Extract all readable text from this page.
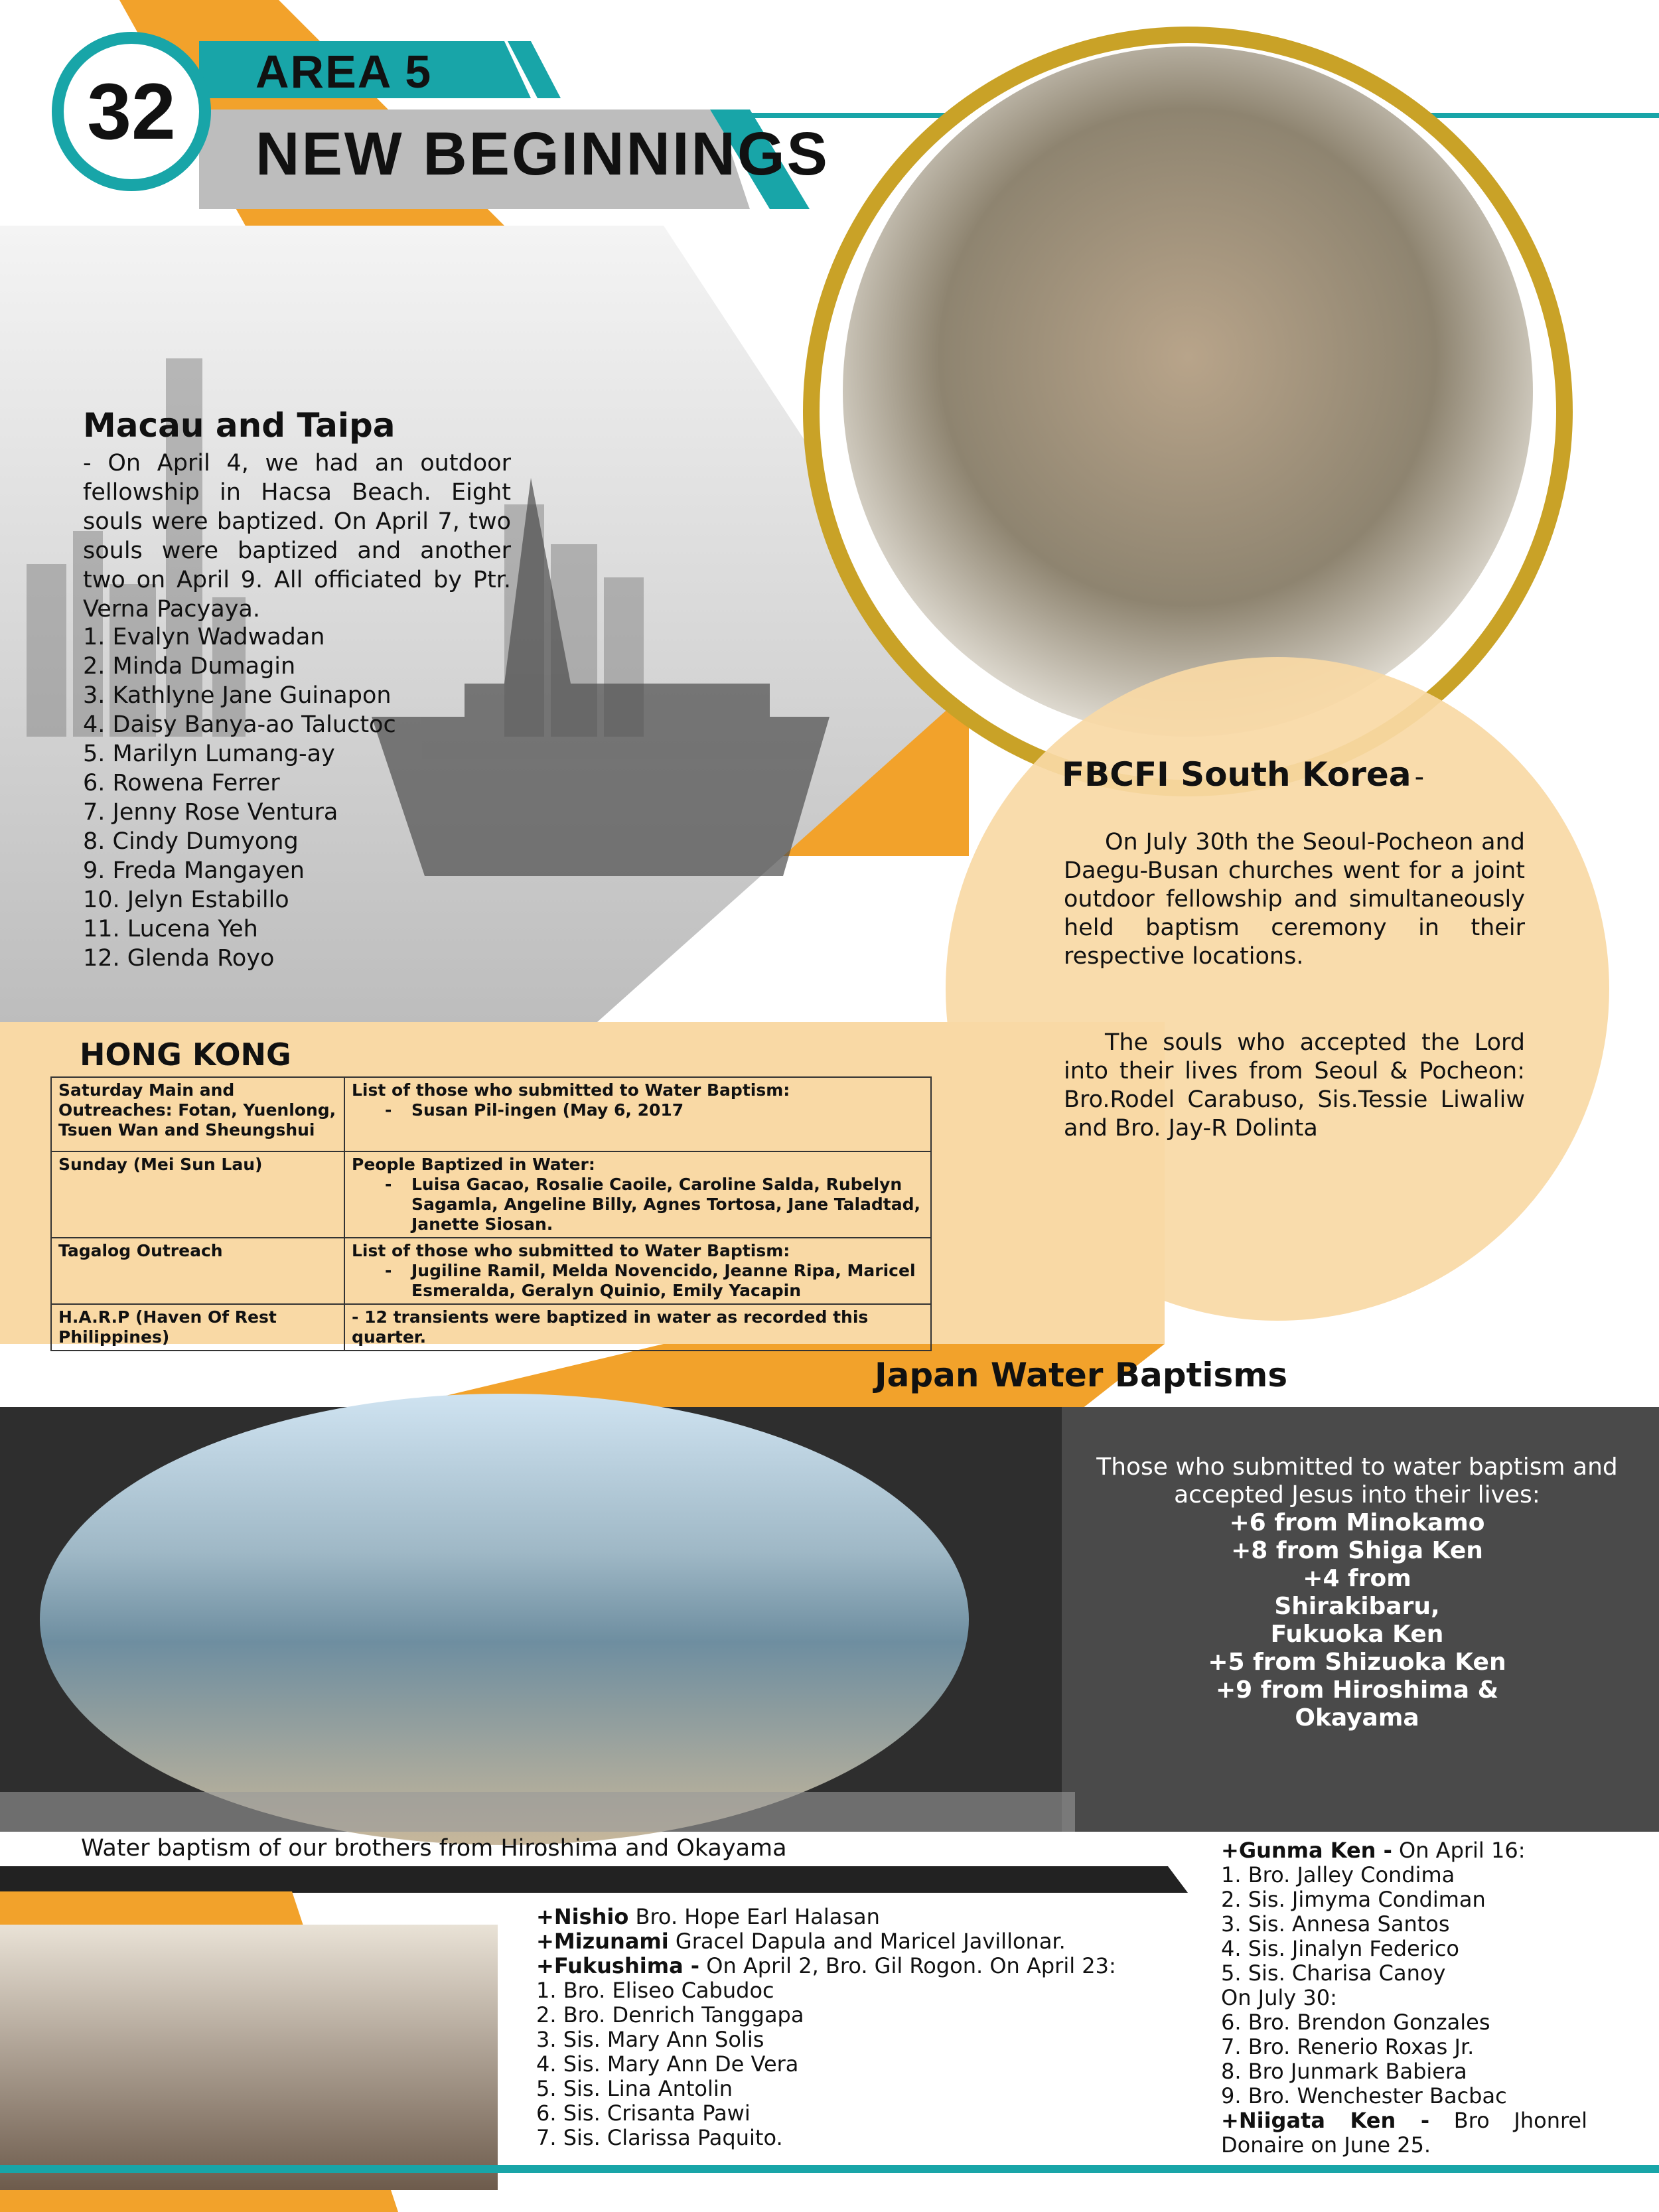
32	AREA 5
NEW BEGINNINGS
Macau and Taipa
- On April 4, we had an outdoor fellowship in Hacsa Beach. Eight souls were baptized. On April 7, two souls were baptized and another two on April 9. All officiated by Ptr. Verna Pacyaya.
1. Evalyn Wadwadan
2. Minda Dumagin
3. Kathlyne Jane Guinapon
4. Daisy Banya-ao Taluctoc
5. Marilyn Lumang-ay
6. Rowena Ferrer
7. Jenny Rose Ventura
8. Cindy Dumyong
9. Freda Mangayen
10. Jelyn Estabillo
11. Lucena Yeh
12. Glenda Royo
FBCFI South Korea -
On July 30th the Seoul-Pocheon and Daegu-Busan churches went for a joint outdoor fellowship and simultaneously held baptism ceremony in their respective locations.
The souls who accepted the Lord into their lives from Seoul & Pocheon: Bro.Rodel Carabuso, Sis.Tessie Liwaliw and Bro. Jay-R Dolinta
HONG KONG
Saturday Main and Outreaches: Fotan, Yuenlong, Tsuen Wan and Sheungshui	List of those who submitted to Water Baptism:
- Susan Pil-ingen (May 6, 2017

Sunday (Mei Sun Lau)	People Baptized in Water:
- Luisa Gacao, Rosalie Caoile, Caroline Salda, Rubelyn Sagamla, Angeline Billy, Agnes Tortosa, Jane Taladtad, Janette Siosan.

Tagalog Outreach	List of those who submitted to Water Baptism:
- Jugiline Ramil, Melda Novencido, Jeanne Ripa, Maricel Esmeralda, Geralyn Quinio, Emily Yacapin

H.A.R.P (Haven Of Rest Philippines)	- 12 transients were baptized in water as recorded this quarter.
Japan Water Baptisms
Those who submitted to water baptism and accepted Jesus into their lives:
+6 from Minokamo
+8 from Shiga Ken
+4 from Shirakibaru, Fukuoka Ken
+5 from Shizuoka Ken
+9 from Hiroshima & Okayama
Water baptism of our brothers from Hiroshima and Okayama
+Nishio Bro. Hope Earl Halasan
+Mizunami Gracel Dapula and Maricel Javillonar.
+Fukushima - On April 2, Bro. Gil Rogon. On April 23:
1. Bro. Eliseo Cabudoc
2. Bro. Denrich Tanggapa
3. Sis. Mary Ann Solis
4. Sis. Mary Ann De Vera
5. Sis. Lina Antolin
6. Sis. Crisanta Pawi
7. Sis. Clarissa Paquito.
+Gunma Ken - On April 16:
1. Bro. Jalley Condima
2. Sis. Jimyma Condiman
3. Sis. Annesa Santos
4. Sis. Jinalyn Federico
5. Sis. Charisa Canoy
On July 30:
6. Bro. Brendon Gonzales
7. Bro. Renerio Roxas Jr.
8. Bro Junmark Babiera
9. Bro. Wenchester Bacbac
+Niigata Ken - Bro Jhonrel Donaire on June 25.
